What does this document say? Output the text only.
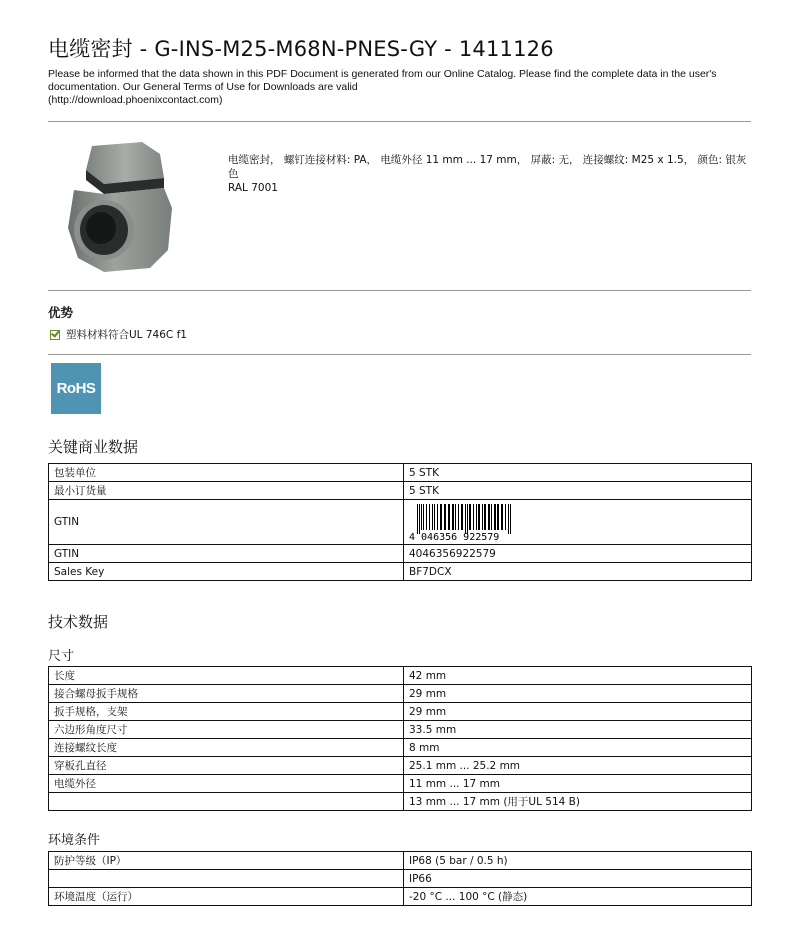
电缆密封 - G-INS-M25-M68N-PNES-GY - 1411126
Please be informed that the data shown in this PDF Document is generated from our Online Catalog. Please find the complete data in the user's
documentation. Our General Terms of Use for Downloads are valid
(http://download.phoenixcontact.com)
电缆密封， 螺钉连接材料: PA， 电缆外径 11 mm ... 17 mm， 屏蔽: 无， 连接螺纹: M25 x 1.5， 颜色: 银灰色
RAL 7001
优势
塑料材料符合UL 746C f1
RoHS
关键商业数据
包装单位	5 STK
最小订货量	5 STK
GTIN	4 046356 922579

GTIN	4046356922579
Sales Key	BF7DCX
技术数据
尺寸
长度	42 mm
接合螺母扳手规格	29 mm
扳手规格，支架	29 mm
六边形角度尺寸	33.5 mm
连接螺纹长度	8 mm
穿板孔直径	25.1 mm ... 25.2 mm
电缆外径	11 mm ... 17 mm
	13 mm ... 17 mm (用于UL 514 B)
环境条件
防护等级（IP）	IP68 (5 bar / 0.5 h)
	IP66
环境温度（运行）	-20 °C ... 100 °C (静态)
